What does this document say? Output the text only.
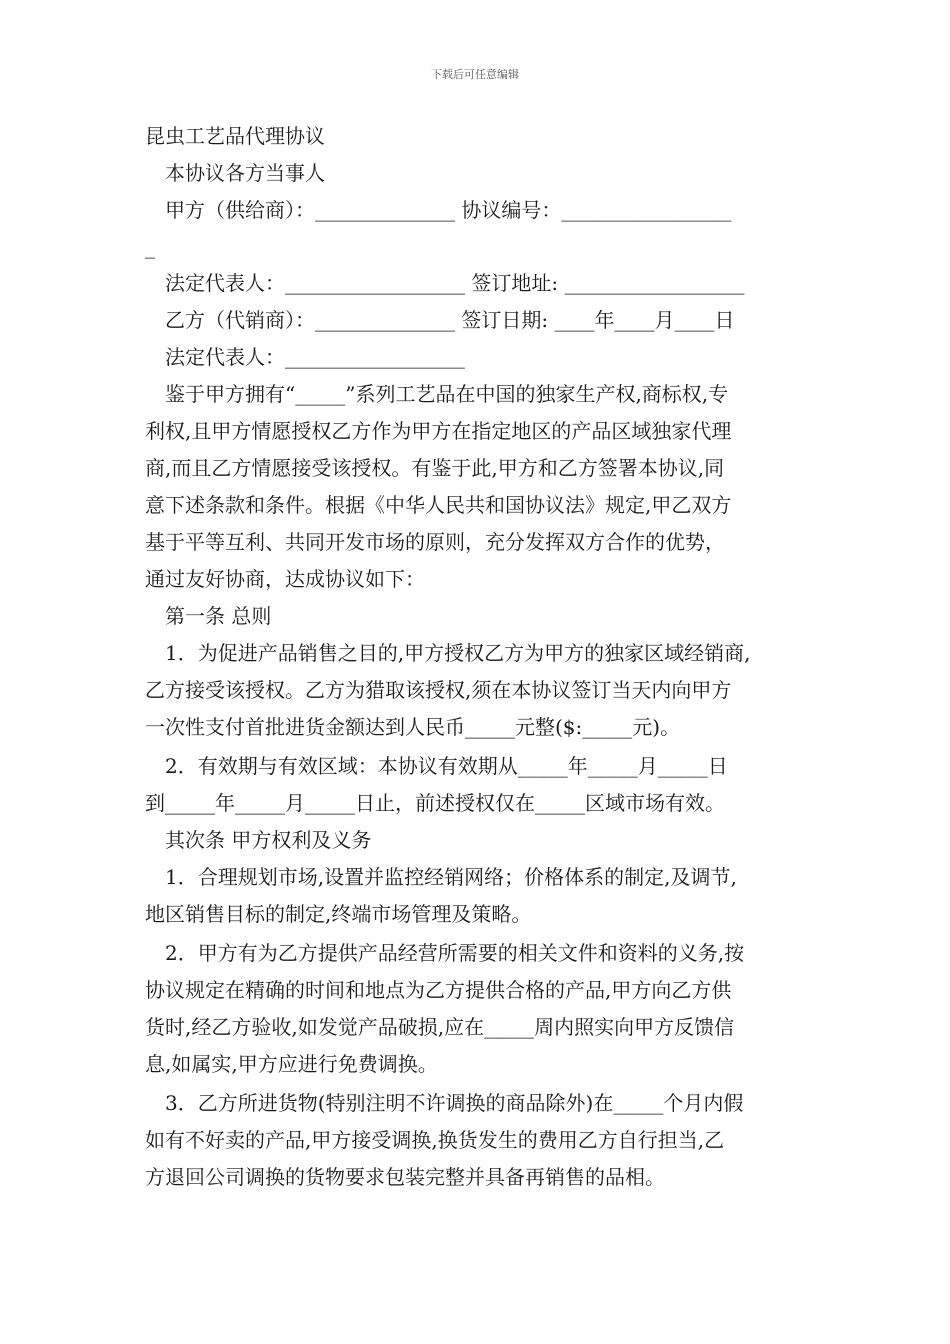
下载后可任意编辑
昆虫工艺品代理协议
本协议各方当事人
甲方（供给商）：______________ 协议编号：_________________
_
法定代表人：__________________ 签订地址: __________________
乙方（代销商）：______________ 签订日期: ____年____月____日
法定代表人：__________________
鉴于甲方拥有“_____”系列工艺品在中国的独家生产权,商标权,专
利权,且甲方情愿授权乙方作为甲方在指定地区的产品区域独家代理
商,而且乙方情愿接受该授权。有鉴于此,甲方和乙方签署本协议,同
意下述条款和条件。根据《中华人民共和国协议法》规定,甲乙双方
基于平等互利、共同开发市场的原则，充分发挥双方合作的优势，
通过友好协商，达成协议如下：
第一条 总则
1．为促进产品销售之目的,甲方授权乙方为甲方的独家区域经销商,
乙方接受该授权。乙方为猎取该授权,须在本协议签订当天内向甲方
一次性支付首批进货金额达到人民币_____元整($:_____元)。
2．有效期与有效区域：本协议有效期从_____年_____月_____日
到_____年_____月_____日止，前述授权仅在_____区域市场有效。
其次条 甲方权利及义务
1．合理规划市场,设置并监控经销网络；价格体系的制定,及调节,
地区销售目标的制定,终端市场管理及策略。
2．甲方有为乙方提供产品经营所需要的相关文件和资料的义务,按
协议规定在精确的时间和地点为乙方提供合格的产品,甲方向乙方供
货时,经乙方验收,如发觉产品破损,应在_____周内照实向甲方反馈信
息,如属实,甲方应进行免费调换。
3．乙方所进货物(特别注明不许调换的商品除外)在_____个月内假
如有不好卖的产品,甲方接受调换,换货发生的费用乙方自行担当,乙
方退回公司调换的货物要求包装完整并具备再销售的品相。
